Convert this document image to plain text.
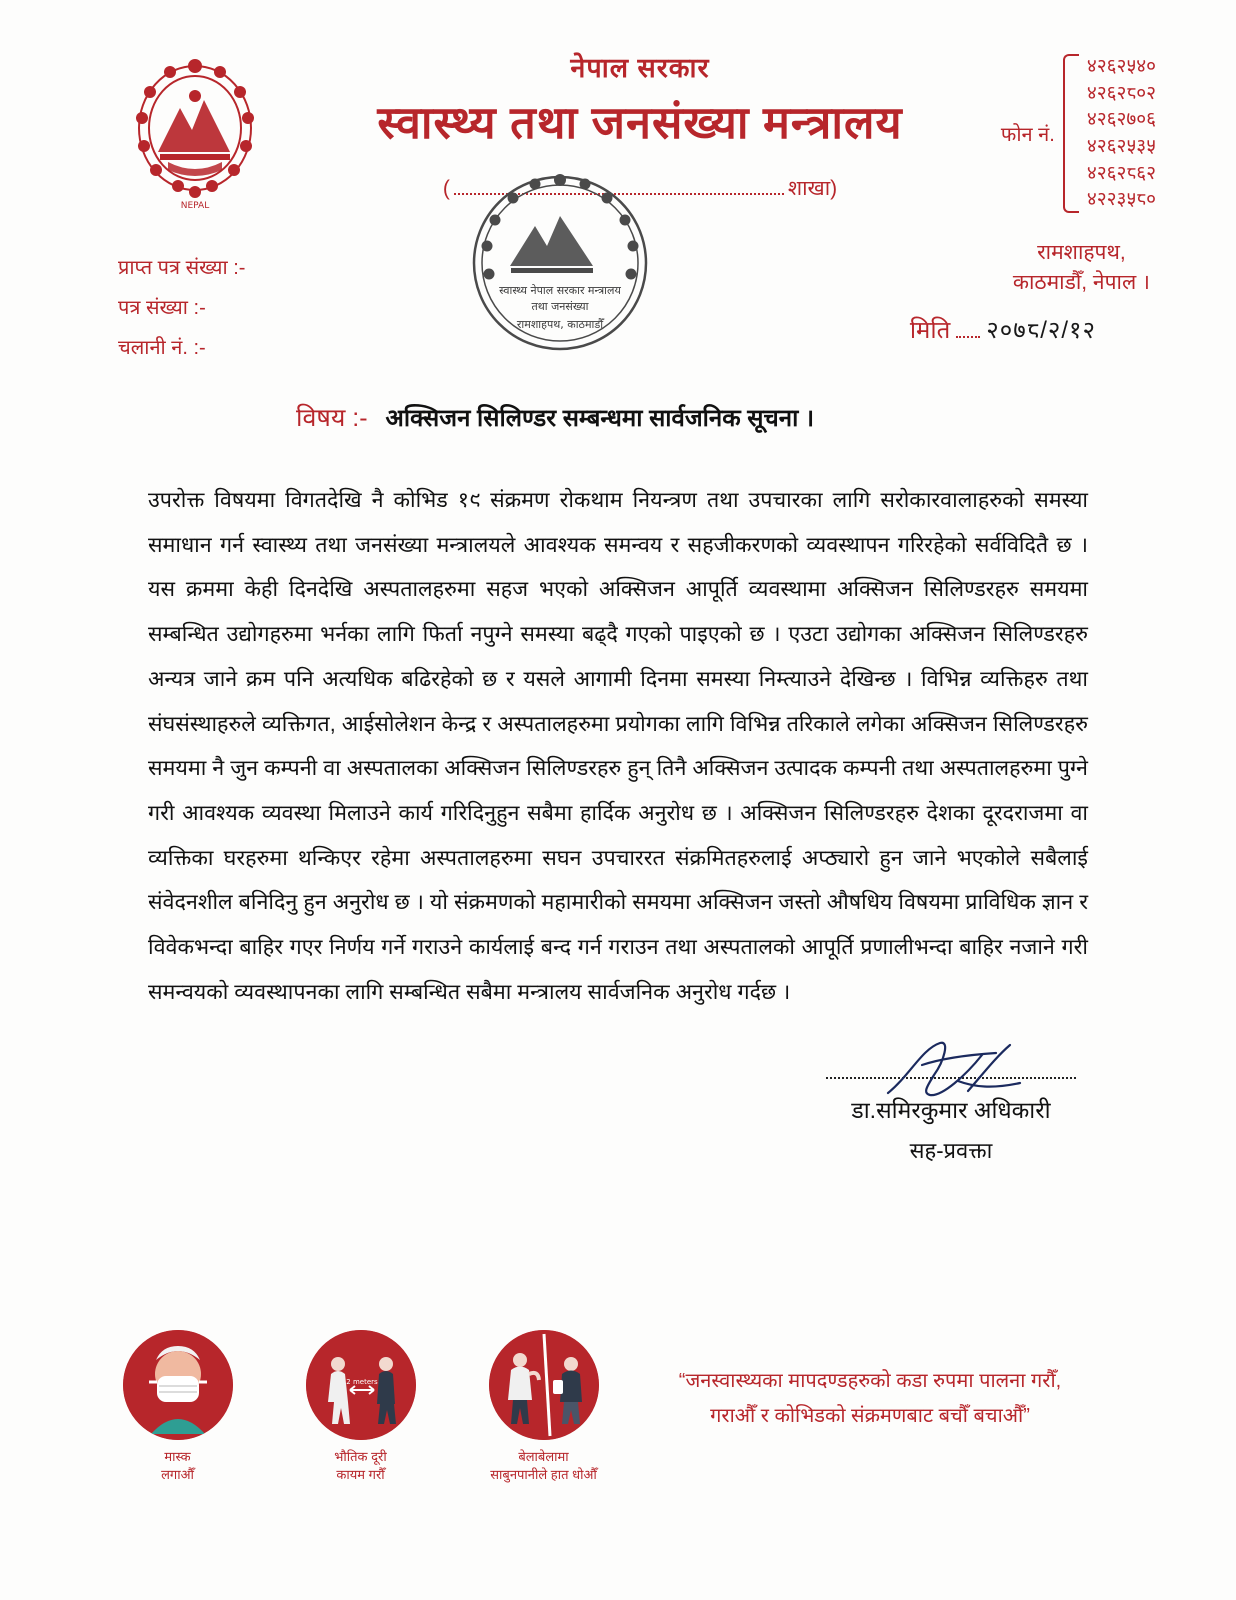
NEPAL
नेपाल सरकार
स्वास्थ्य तथा जनसंख्या मन्त्रालय
(	शाखा)
फोन नं.
४२६२५४०
४२६२८०२
४२६२७०६
४२६२५३५
४२६२८६२
४२२३५८०
रामशाहपथ,
काठमाडौँ, नेपाल ।
स्वास्थ्य नेपाल सरकार मन्त्रालय
तथा जनसंख्या
रामशाहपथ, काठमाडौँ
प्राप्त पत्र संख्या :-
पत्र संख्या :-
चलानी नं. :-
मिति २०७८/२/१२
विषय :- अक्सिजन सिलिण्डर सम्बन्धमा सार्वजनिक सूचना ।
उपरोक्त विषयमा विगतदेखि नै कोभिड १९ संक्रमण रोकथाम नियन्त्रण तथा उपचारका लागि सरोकारवालाहरुको समस्या समाधान गर्न स्वास्थ्य तथा जनसंख्या मन्त्रालयले आवश्यक समन्वय र सहजीकरणको व्यवस्थापन गरिरहेको सर्वविदितै छ । यस क्रममा केही दिनदेखि अस्पतालहरुमा सहज भएको अक्सिजन आपूर्ति व्यवस्थामा अक्सिजन सिलिण्डरहरु समयमा सम्बन्धित उद्योगहरुमा भर्नका लागि फिर्ता नपुग्ने समस्या बढ्दै गएको पाइएको छ । एउटा उद्योगका अक्सिजन सिलिण्डरहरु अन्यत्र जाने क्रम पनि अत्यधिक बढिरहेको छ र यसले आगामी दिनमा समस्या निम्त्याउने देखिन्छ । विभिन्न व्यक्तिहरु तथा संघसंस्थाहरुले व्यक्तिगत, आईसोलेशन केन्द्र र अस्पतालहरुमा प्रयोगका लागि विभिन्न तरिकाले लगेका अक्सिजन सिलिण्डरहरु समयमा नै जुन कम्पनी वा अस्पतालका अक्सिजन सिलिण्डरहरु हुन् तिनै अक्सिजन उत्पादक कम्पनी तथा अस्पतालहरुमा पुग्ने गरी आवश्यक व्यवस्था मिलाउने कार्य गरिदिनुहुन सबैमा हार्दिक अनुरोध छ । अक्सिजन सिलिण्डरहरु देशका दूरदराजमा वा व्यक्तिका घरहरुमा थन्किएर रहेमा अस्पतालहरुमा सघन उपचाररत संक्रमितहरुलाई अप्ठ्यारो हुन जाने भएकोले सबैलाई संवेदनशील बनिदिनु हुन अनुरोध छ । यो संक्रमणको महामारीको समयमा अक्सिजन जस्तो औषधिय विषयमा प्राविधिक ज्ञान र विवेकभन्दा बाहिर गएर निर्णय गर्ने गराउने कार्यलाई बन्द गर्न गराउन तथा अस्पतालको आपूर्ति प्रणालीभन्दा बाहिर नजाने गरी समन्वयको व्यवस्थापनका लागि सम्बन्धित सबैमा मन्त्रालय सार्वजनिक अनुरोध गर्दछ ।
डा.समिरकुमार अधिकारी
सह-प्रवक्ता
मास्क
लगाऔँ
2 meters
भौतिक दूरी
कायम गरौँ
बेलाबेलामा
साबुनपानीले हात धोऔँ
“जनस्वास्थ्यका मापदण्डहरुको कडा रुपमा पालना गरौँ,
गराऔँ र कोभिडको संक्रमणबाट बचौँ बचाऔँ”
